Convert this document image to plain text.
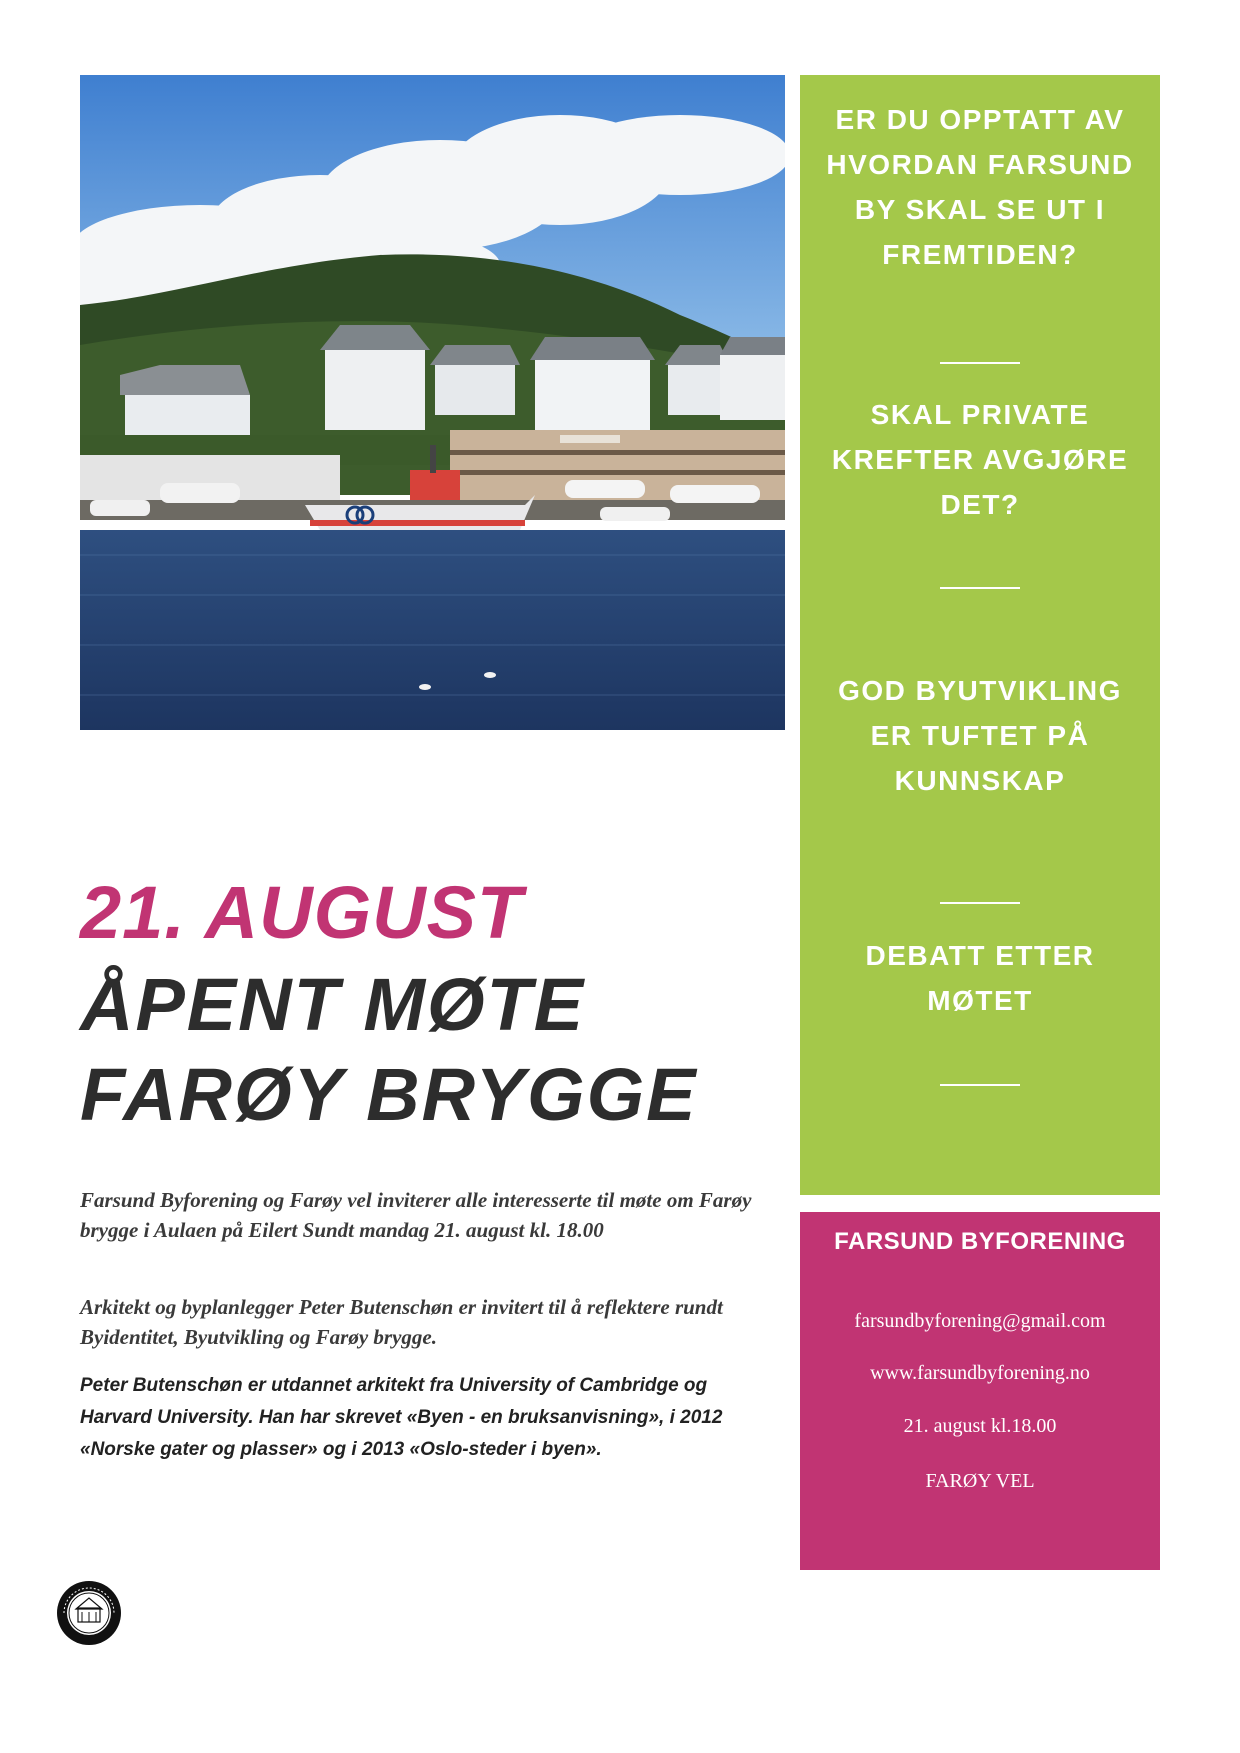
ER DU OPPTATT AV HVORDAN FARSUND BY SKAL SE UT I FREMTIDEN?
SKAL PRIVATE KREFTER AVGJØRE DET?
GOD BYUTVIKLING ER TUFTET PÅ KUNNSKAP
DEBATT ETTER MØTET
FARSUND BYFORENING
farsundbyforening@gmail.com
www.farsundbyforening.no
21. august kl.18.00
FARØY VEL
21. AUGUST
ÅPENT MØTE
FARØY BRYGGE
Farsund Byforening og Farøy vel inviterer alle interesserte til møte om Farøy brygge i Aulaen på Eilert Sundt mandag 21. august kl. 18.00
Arkitekt og byplanlegger Peter Butenschøn er invitert til å reflektere rundt Byidentitet, Byutvikling og Farøy brygge.
Peter Butenschøn er utdannet arkitekt fra University of Cambridge og Harvard University. Han har skrevet «Byen - en bruksanvisning», i 2012 «Norske gater og plasser» og i 2013 «Oslo-steder i byen».
